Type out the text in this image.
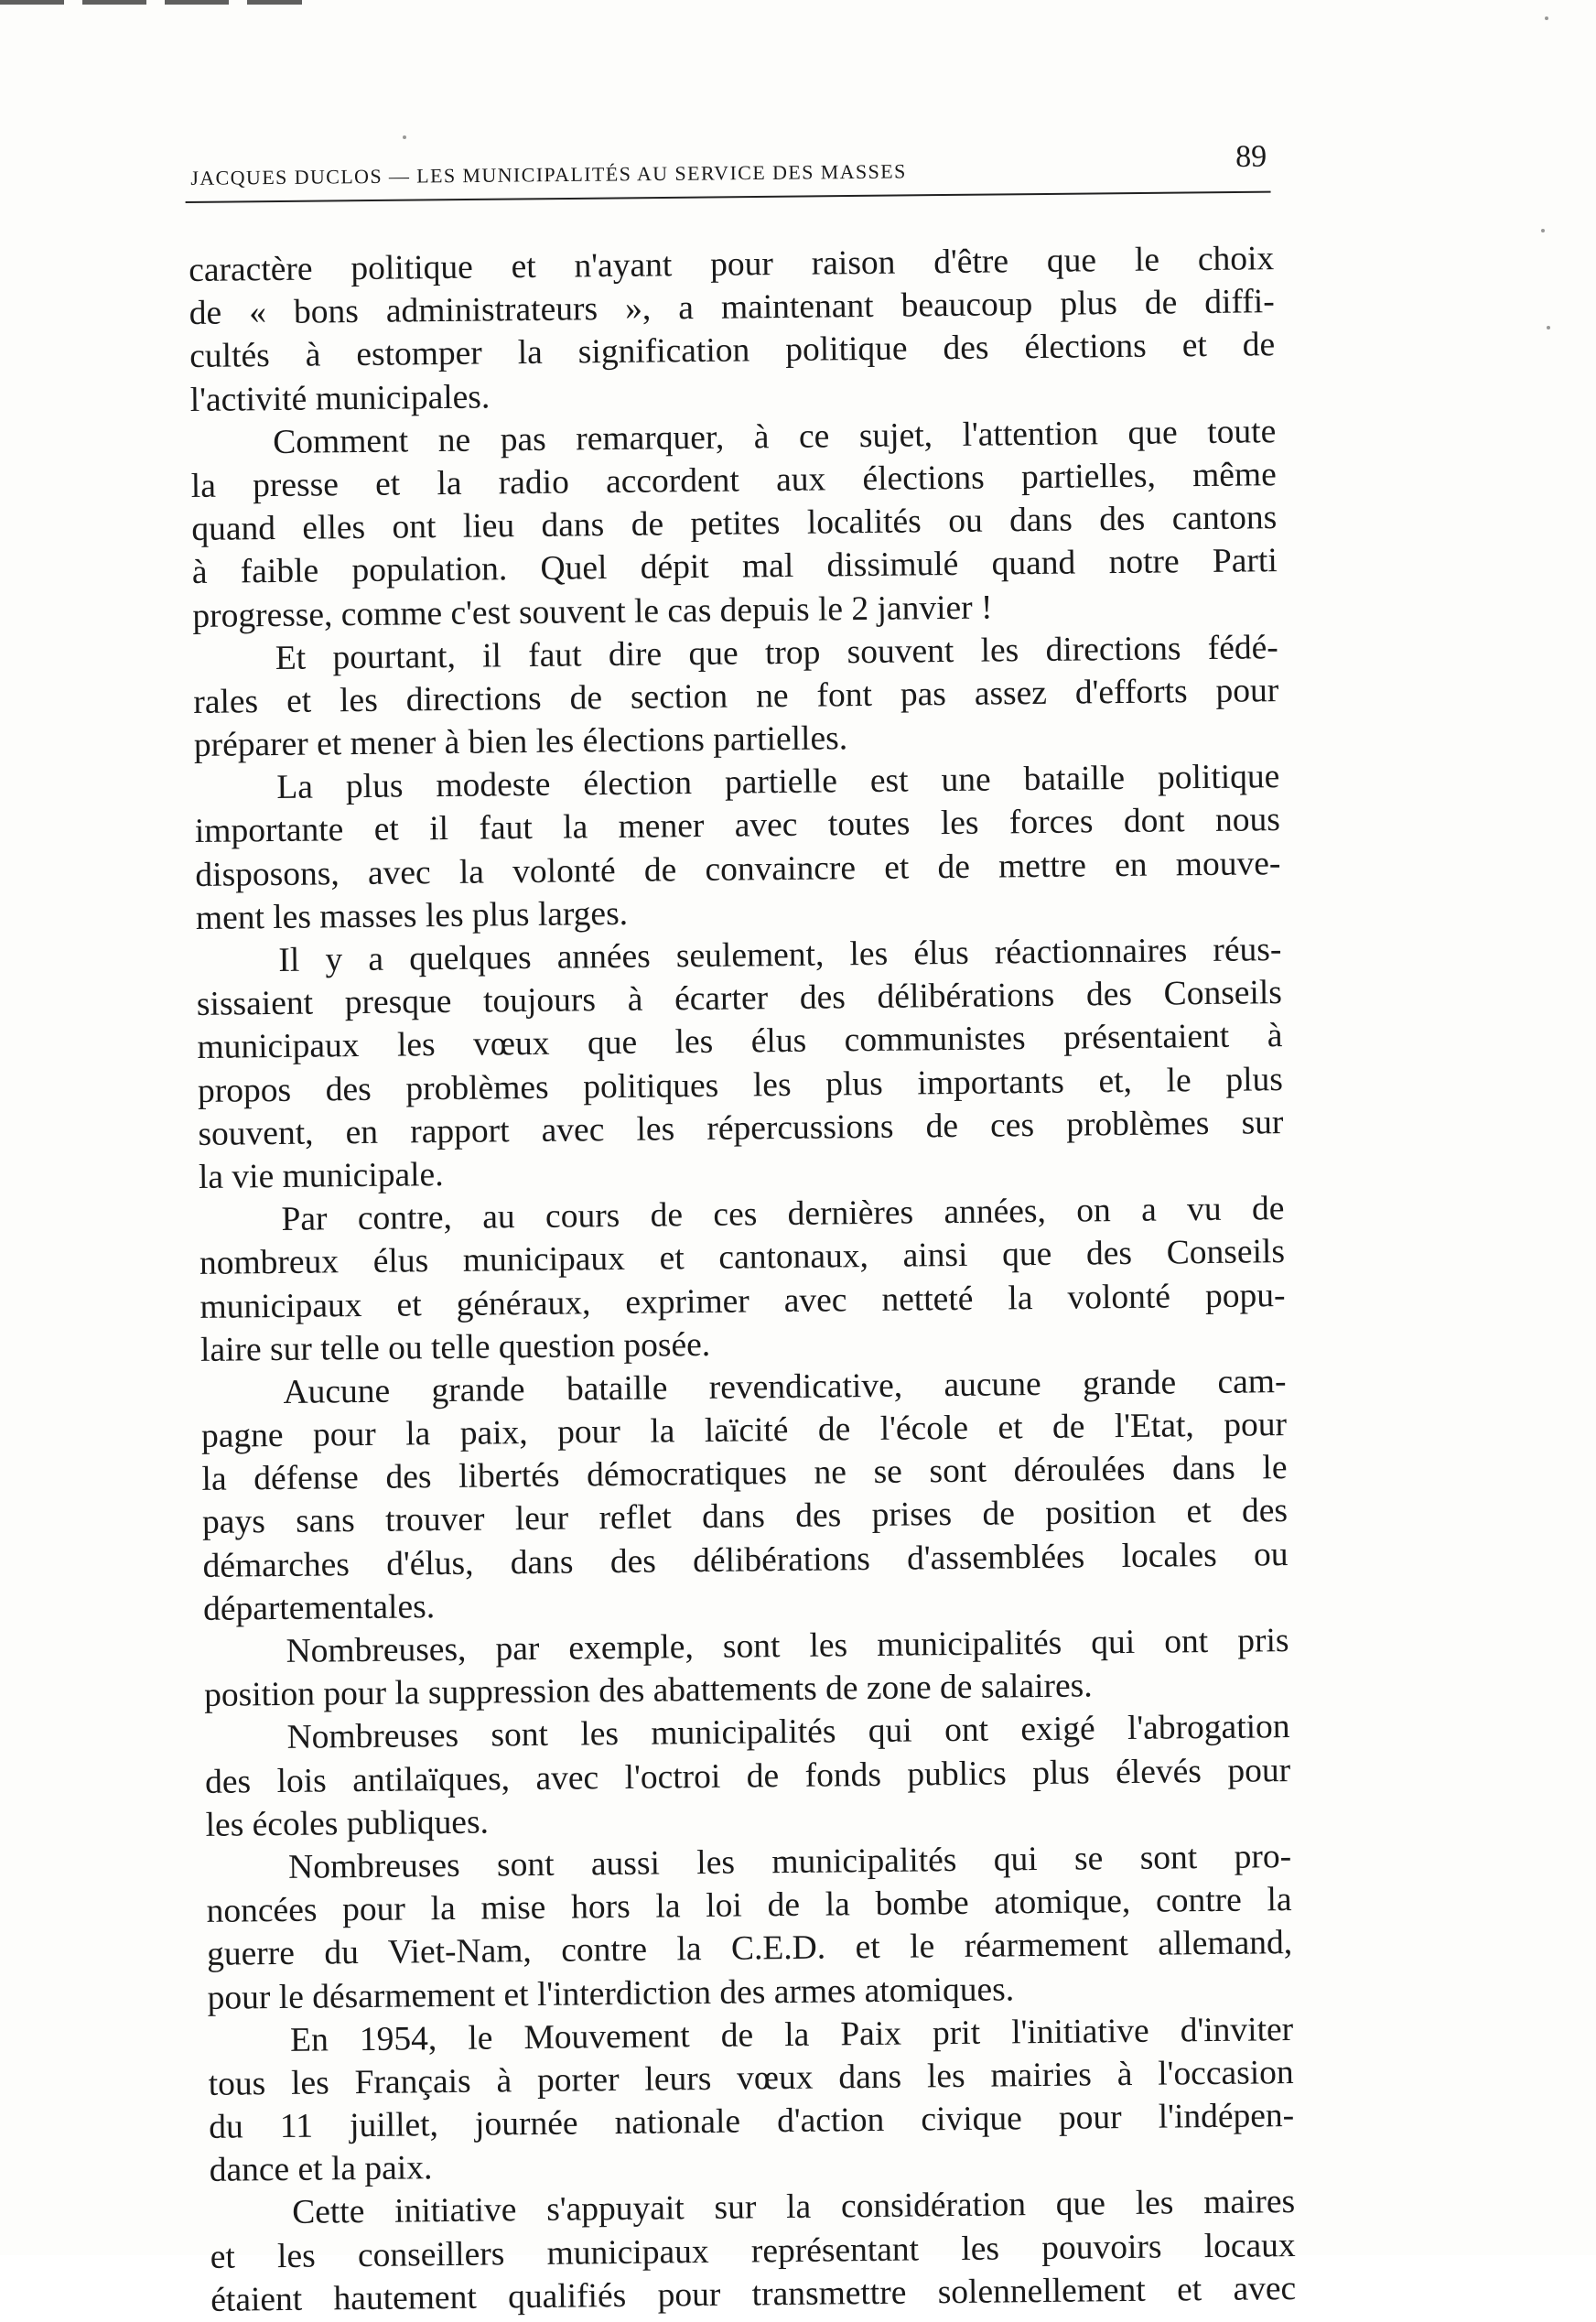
JACQUES DUCLOS — LES MUNICIPALITÉS AU SERVICE DES MASSES
89
caractère politique et n'ayant pour raison d'être que le choix
de « bons administrateurs », a maintenant beaucoup plus de diffi-
cultés à estomper la signification politique des élections et de
l'activité municipales.
Comment ne pas remarquer, à ce sujet, l'attention que toute
la presse et la radio accordent aux élections partielles, même
quand elles ont lieu dans de petites localités ou dans des cantons
à faible population. Quel dépit mal dissimulé quand notre Parti
progresse, comme c'est souvent le cas depuis le 2 janvier !
Et pourtant, il faut dire que trop souvent les directions fédé-
rales et les directions de section ne font pas assez d'efforts pour
préparer et mener à bien les élections partielles.
La plus modeste élection partielle est une bataille politique
importante et il faut la mener avec toutes les forces dont nous
disposons, avec la volonté de convaincre et de mettre en mouve-
ment les masses les plus larges.
Il y a quelques années seulement, les élus réactionnaires réus-
sissaient presque toujours à écarter des délibérations des Conseils
municipaux les vœux que les élus communistes présentaient à
propos des problèmes politiques les plus importants et, le plus
souvent, en rapport avec les répercussions de ces problèmes sur
la vie municipale.
Par contre, au cours de ces dernières années, on a vu de
nombreux élus municipaux et cantonaux, ainsi que des Conseils
municipaux et généraux, exprimer avec netteté la volonté popu-
laire sur telle ou telle question posée.
Aucune grande bataille revendicative, aucune grande cam-
pagne pour la paix, pour la laïcité de l'école et de l'Etat, pour
la défense des libertés démocratiques ne se sont déroulées dans le
pays sans trouver leur reflet dans des prises de position et des
démarches d'élus, dans des délibérations d'assemblées locales ou
départementales.
Nombreuses, par exemple, sont les municipalités qui ont pris
position pour la suppression des abattements de zone de salaires.
Nombreuses sont les municipalités qui ont exigé l'abrogation
des lois antilaïques, avec l'octroi de fonds publics plus élevés pour
les écoles publiques.
Nombreuses sont aussi les municipalités qui se sont pro-
noncées pour la mise hors la loi de la bombe atomique, contre la
guerre du Viet-Nam, contre la C.E.D. et le réarmement allemand,
pour le désarmement et l'interdiction des armes atomiques.
En 1954, le Mouvement de la Paix prit l'initiative d'inviter
tous les Français à porter leurs vœux dans les mairies à l'occasion
du 11 juillet, journée nationale d'action civique pour l'indépen-
dance et la paix.
Cette initiative s'appuyait sur la considération que les maires
et les conseillers municipaux représentant les pouvoirs locaux
étaient hautement qualifiés pour transmettre solennellement et avec
